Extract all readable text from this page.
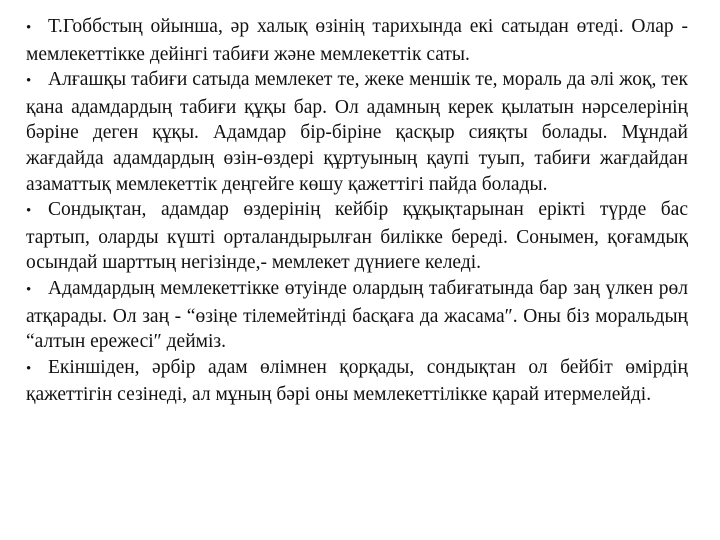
• Т.Гоббстың ойынша, әр халық өзінің тарихында екі сатыдан өтеді. Олар - мемлекеттікке дейінгі табиғи және мемлекеттік саты.

• Алғашқы табиғи сатыда мемлекет те, жеке меншік те, мораль да әлі жоқ, тек қана адамдардың табиғи құқы бар. Ол адамның керек қылатын нәрселерінің бәріне деген құқы. Адамдар бір-біріне қасқыр сияқты болады. Мұндай жағдайда адамдардың өзін-өздері құртуының қаупі туып, табиғи жағдайдан азаматтық мемлекеттік деңгейге көшу қажеттігі пайда болады.

• Сондықтан, адамдар өздерінің кейбір құқықтарынан ерікті түрде бас тартып, оларды күшті орталандырылған билікке береді. Сонымен, қоғамдық осындай шарттың негізінде,- мемлекет дүниеге келеді.

• Адамдардың мемлекеттікке өтуінде олардың табиғатында бар заң үлкен рөл атқарады. Ол заң - “өзіңе тілемейтіндi басқаға да жасама″. Оны біз моральдың “алтын ережесі″ дейміз.

• Екіншіден, әрбір адам өлімнен қорқады, сондықтан ол бейбіт өмірдің қажеттігін сезінеді, ал мұның бәрі оны мемлекеттілікке қарай итермелейді.
